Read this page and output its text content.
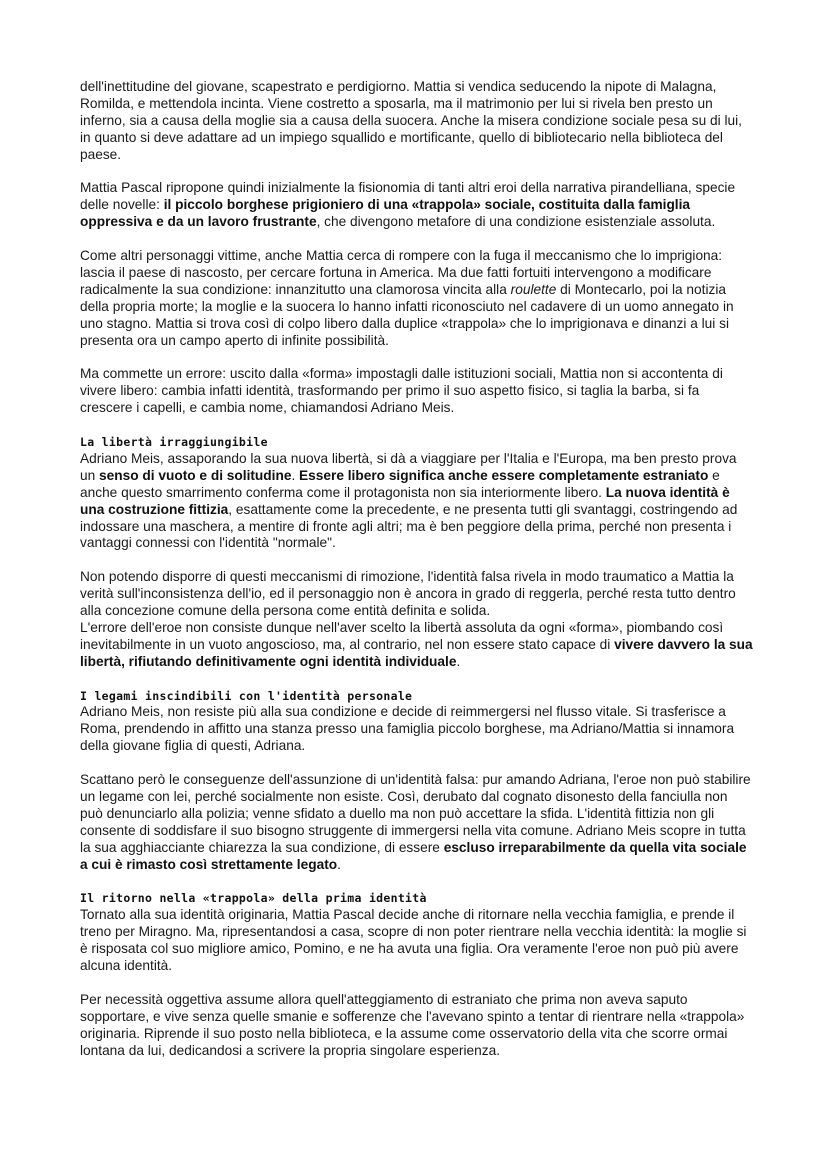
dell'inettitudine del giovane, scapestrato e perdigiorno. Mattia si vendica seducendo la nipote di Malagna, Romilda, e mettendola incinta. Viene costretto a sposarla, ma il matrimonio per lui si rivela ben presto un inferno, sia a causa della moglie sia a causa della suocera. Anche la misera condizione sociale pesa su di lui, in quanto si deve adattare ad un impiego squallido e mortificante, quello di bibliotecario nella biblioteca del paese.

Mattia Pascal ripropone quindi inizialmente la fisionomia di tanti altri eroi della narrativa pirandelliana, specie delle novelle: il piccolo borghese prigioniero di una «trappola» sociale, costituita dalla famiglia oppressiva e da un lavoro frustrante, che divengono metafore di una condizione esistenziale assoluta.

Come altri personaggi vittime, anche Mattia cerca di rompere con la fuga il meccanismo che lo imprigiona: lascia il paese di nascosto, per cercare fortuna in America. Ma due fatti fortuiti intervengono a modificare radicalmente la sua condizione: innanzitutto una clamorosa vincita alla roulette di Montecarlo, poi la notizia della propria morte; la moglie e la suocera lo hanno infatti riconosciuto nel cadavere di un uomo annegato in uno stagno. Mattia si trova così di colpo libero dalla duplice «trappola» che lo imprigionava e dinanzi a lui si presenta ora un campo aperto di infinite possibilità.

Ma commette un errore: uscito dalla «forma» impostagli dalle istituzioni sociali, Mattia non si accontenta di vivere libero: cambia infatti identità, trasformando per primo il suo aspetto fisico, si taglia la barba, si fa crescere i capelli, e cambia nome, chiamandosi Adriano Meis.

La libertà irraggiungibile

Adriano Meis, assaporando la sua nuova libertà, si dà a viaggiare per l'Italia e l'Europa, ma ben presto prova un senso di vuoto e di solitudine. Essere libero significa anche essere completamente estraniato e anche questo smarrimento conferma come il protagonista non sia interiormente libero. La nuova identità è una costruzione fittizia, esattamente come la precedente, e ne presenta tutti gli svantaggi, costringendo ad indossare una maschera, a mentire di fronte agli altri; ma è ben peggiore della prima, perché non presenta i vantaggi connessi con l'identità "normale".

Non potendo disporre di questi meccanismi di rimozione, l'identità falsa rivela in modo traumatico a Mattia la verità sull'inconsistenza dell'io, ed il personaggio non è ancora in grado di reggerla, perché resta tutto dentro alla concezione comune della persona come entità definita e solida.
L'errore dell'eroe non consiste dunque nell'aver scelto la libertà assoluta da ogni «forma», piombando così inevitabilmente in un vuoto angoscioso, ma, al contrario, nel non essere stato capace di vivere davvero la sua libertà, rifiutando definitivamente ogni identità individuale.

I legami inscindibili con l'identità personale

Adriano Meis, non resiste più alla sua condizione e decide di reimmergersi nel flusso vitale. Si trasferisce a Roma, prendendo in affitto una stanza presso una famiglia piccolo borghese, ma Adriano/Mattia si innamora della giovane figlia di questi, Adriana.

Scattano però le conseguenze dell'assunzione di un'identità falsa: pur amando Adriana, l'eroe non può stabilire un legame con lei, perché socialmente non esiste. Così, derubato dal cognato disonesto della fanciulla non può denunciarlo alla polizia; venne sfidato a duello ma non può accettare la sfida. L'identità fittizia non gli consente di soddisfare il suo bisogno struggente di immergersi nella vita comune. Adriano Meis scopre in tutta la sua agghiacciante chiarezza la sua condizione, di essere escluso irreparabilmente da quella vita sociale a cui è rimasto così strettamente legato.

Il ritorno nella «trappola» della prima identità

Tornato alla sua identità originaria, Mattia Pascal decide anche di ritornare nella vecchia famiglia, e prende il treno per Miragno. Ma, ripresentandosi a casa, scopre di non poter rientrare nella vecchia identità: la moglie si è risposata col suo migliore amico, Pomino, e ne ha avuta una figlia. Ora veramente l'eroe non può più avere alcuna identità.

Per necessità oggettiva assume allora quell'atteggiamento di estraniato che prima non aveva saputo sopportare, e vive senza quelle smanie e sofferenze che l'avevano spinto a tentar di rientrare nella «trappola» originaria. Riprende il suo posto nella biblioteca, e la assume come osservatorio della vita che scorre ormai lontana da lui, dedicandosi a scrivere la propria singolare esperienza.
